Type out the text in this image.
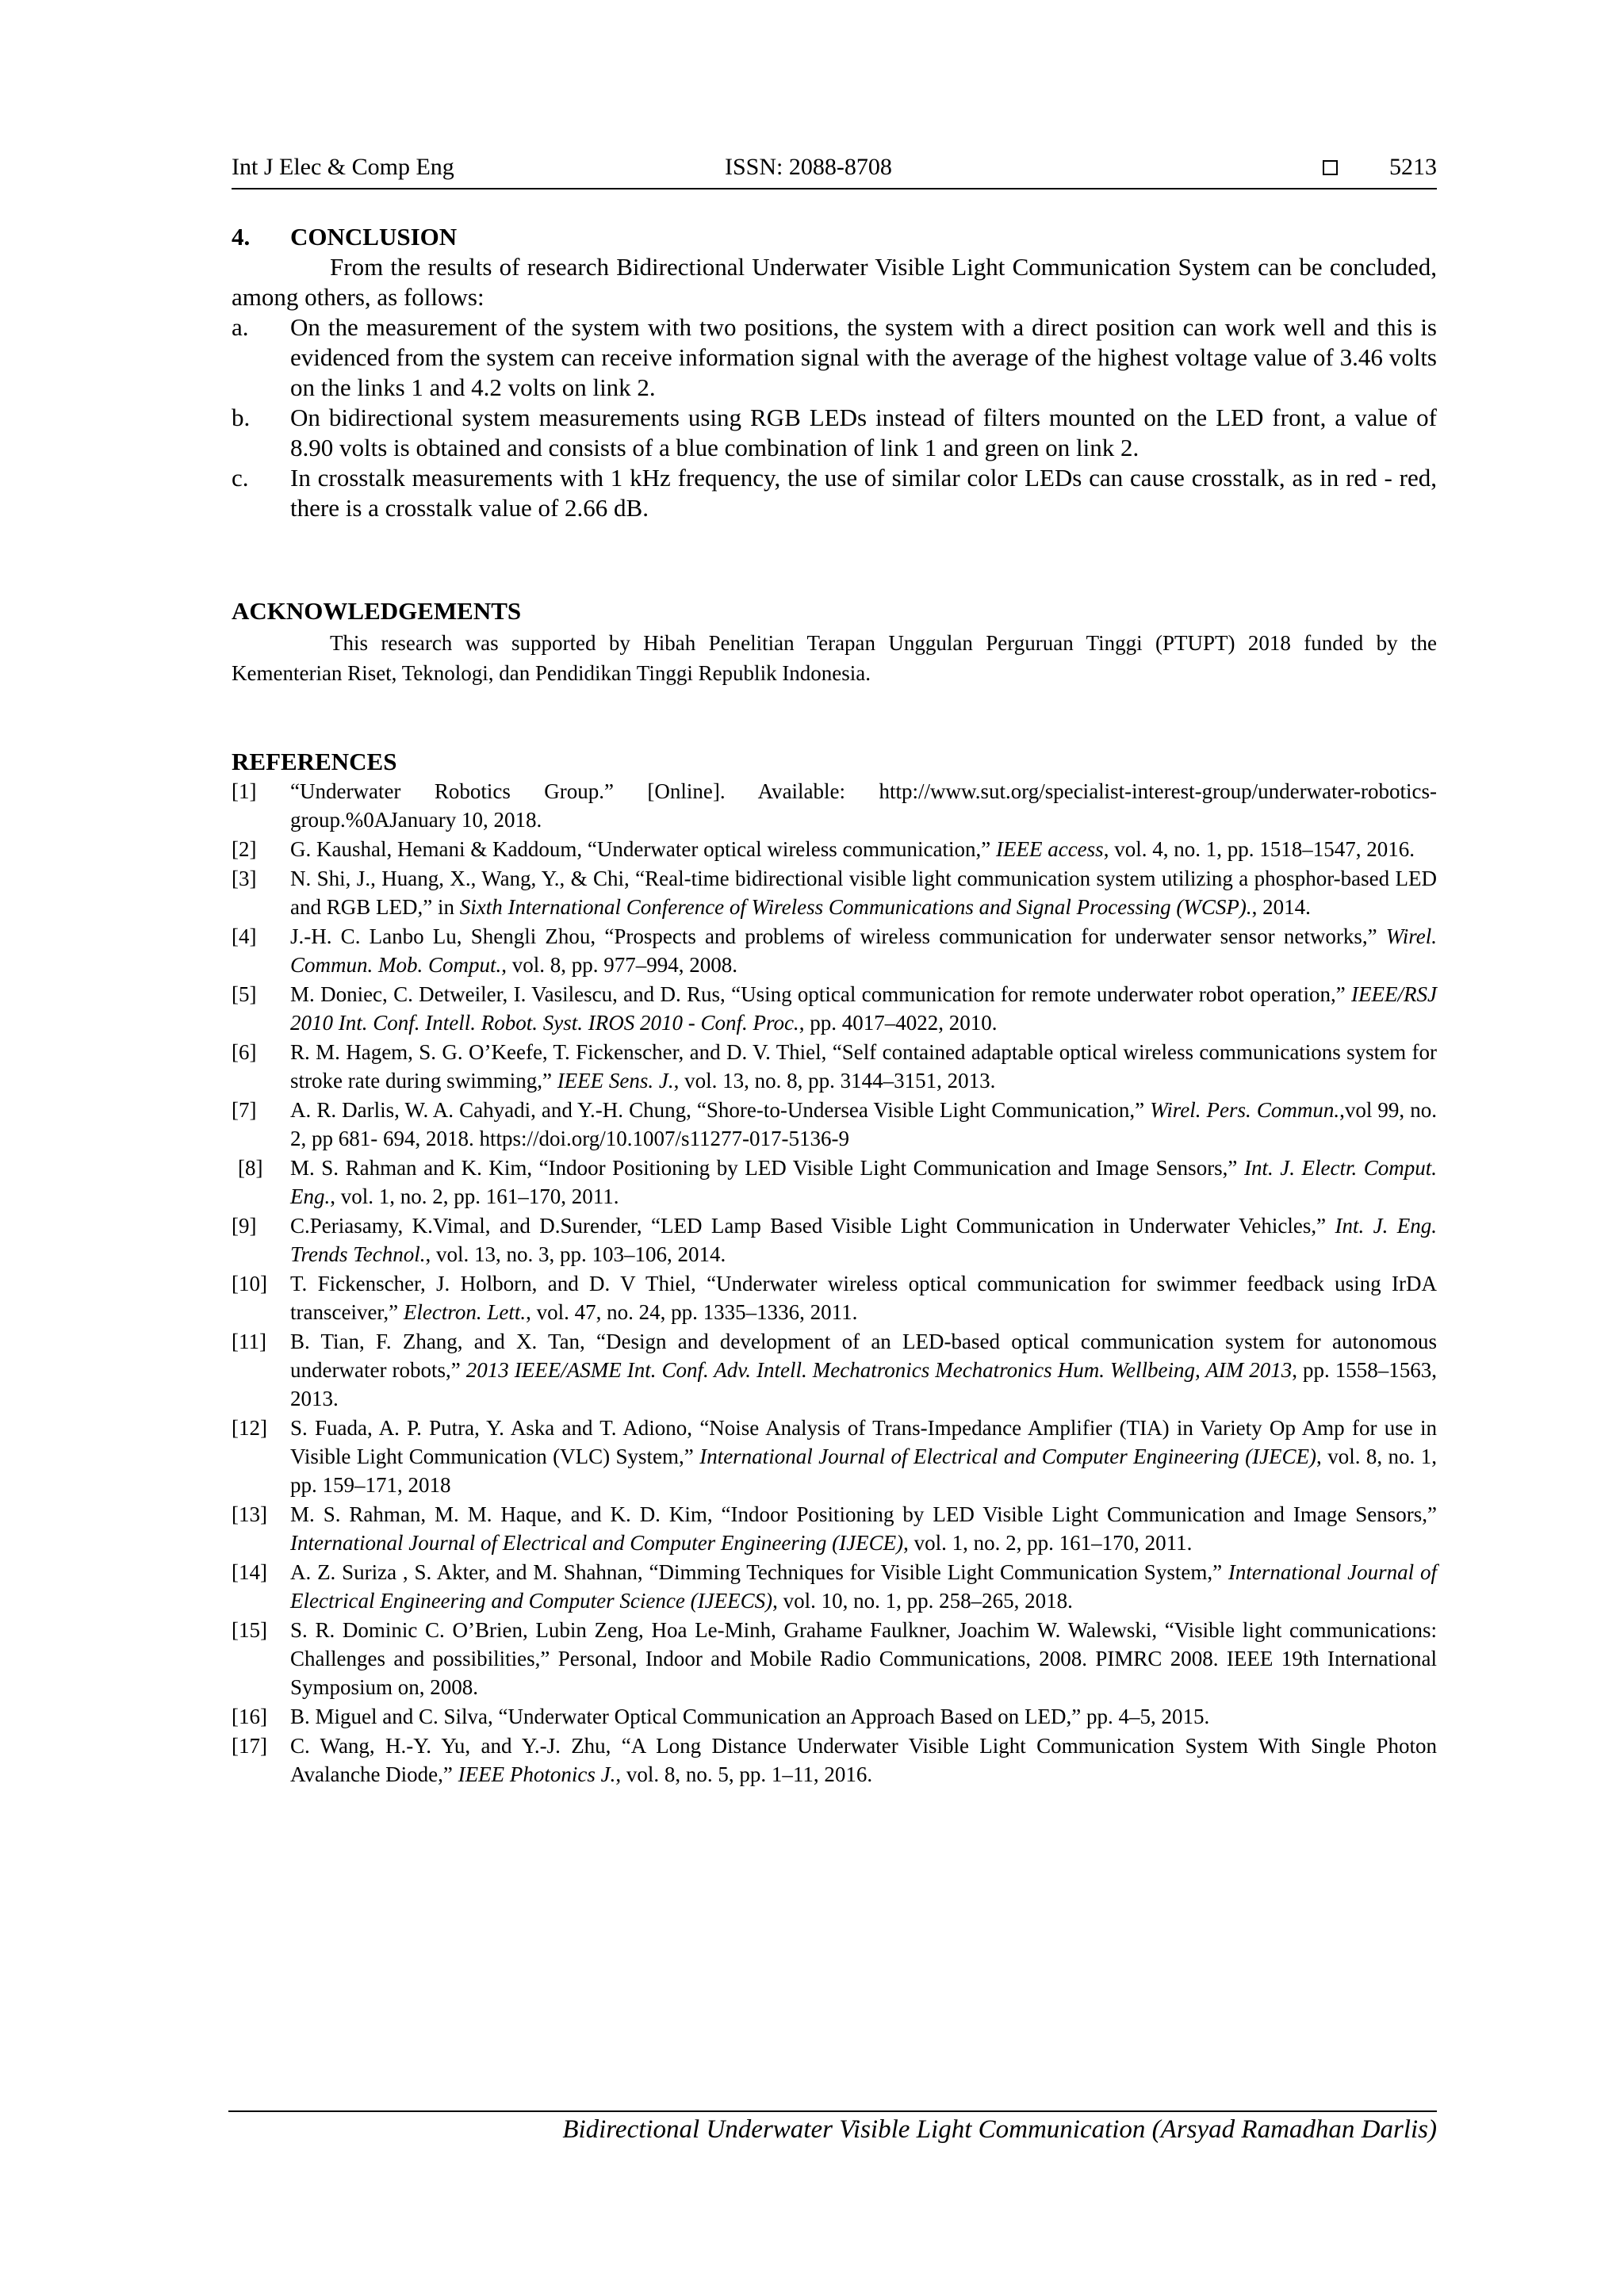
Int J Elec & Comp Eng	ISSN: 2088-8708	5213
4. CONCLUSION

From the results of research Bidirectional Underwater Visible Light Communication System can be concluded, among others, as follows:

a. On the measurement of the system with two positions, the system with a direct position can work well and this is evidenced from the system can receive information signal with the average of the highest voltage value of 3.46 volts on the links 1 and 4.2 volts on link 2.

b. On bidirectional system measurements using RGB LEDs instead of filters mounted on the LED front, a value of 8.90 volts is obtained and consists of a blue combination of link 1 and green on link 2.

c. In crosstalk measurements with 1 kHz frequency, the use of similar color LEDs can cause crosstalk, as in red - red, there is a crosstalk value of 2.66 dB.

ACKNOWLEDGEMENTS

This research was supported by Hibah Penelitian Terapan Unggulan Perguruan Tinggi (PTUPT) 2018 funded by the Kementerian Riset, Teknologi, dan Pendidikan Tinggi Republik Indonesia.

REFERENCES

[1] “Underwater Robotics Group.” [Online]. Available: http://www.sut.org/specialist-interest-group/underwater-robotics-group.%0AJanuary 10, 2018.

[2] G. Kaushal, Hemani & Kaddoum, “Underwater optical wireless communication,” IEEE access, vol. 4, no. 1, pp. 1518–1547, 2016.

[3] N. Shi, J., Huang, X., Wang, Y., & Chi, “Real-time bidirectional visible light communication system utilizing a phosphor-based LED and RGB LED,” in Sixth International Conference of Wireless Communications and Signal Processing (WCSP)., 2014.

[4] J.-H. C. Lanbo Lu, Shengli Zhou, “Prospects and problems of wireless communication for underwater sensor networks,” Wirel. Commun. Mob. Comput., vol. 8, pp. 977–994, 2008.

[5] M. Doniec, C. Detweiler, I. Vasilescu, and D. Rus, “Using optical communication for remote underwater robot operation,” IEEE/RSJ 2010 Int. Conf. Intell. Robot. Syst. IROS 2010 - Conf. Proc., pp. 4017–4022, 2010.

[6] R. M. Hagem, S. G. O’Keefe, T. Fickenscher, and D. V. Thiel, “Self contained adaptable optical wireless communications system for stroke rate during swimming,” IEEE Sens. J., vol. 13, no. 8, pp. 3144–3151, 2013.

[7] A. R. Darlis, W. A. Cahyadi, and Y.-H. Chung, “Shore-to-Undersea Visible Light Communication,” Wirel. Pers. Commun.,vol 99, no. 2, pp 681- 694, 2018. https://doi.org/10.1007/s11277-017-5136-9

[8] M. S. Rahman and K. Kim, “Indoor Positioning by LED Visible Light Communication and Image Sensors,” Int. J. Electr. Comput. Eng., vol. 1, no. 2, pp. 161–170, 2011.

[9] C.Periasamy, K.Vimal, and D.Surender, “LED Lamp Based Visible Light Communication in Underwater Vehicles,” Int. J. Eng. Trends Technol., vol. 13, no. 3, pp. 103–106, 2014.

[10] T. Fickenscher, J. Holborn, and D. V Thiel, “Underwater wireless optical communication for swimmer feedback using IrDA transceiver,” Electron. Lett., vol. 47, no. 24, pp. 1335–1336, 2011.

[11] B. Tian, F. Zhang, and X. Tan, “Design and development of an LED-based optical communication system for autonomous underwater robots,” 2013 IEEE/ASME Int. Conf. Adv. Intell. Mechatronics Mechatronics Hum. Wellbeing, AIM 2013, pp. 1558–1563, 2013.

[12] S. Fuada, A. P. Putra, Y. Aska and T. Adiono, “Noise Analysis of Trans-Impedance Amplifier (TIA) in Variety Op Amp for use in Visible Light Communication (VLC) System,” International Journal of Electrical and Computer Engineering (IJECE), vol. 8, no. 1, pp. 159–171, 2018

[13] M. S. Rahman, M. M. Haque, and K. D. Kim, “Indoor Positioning by LED Visible Light Communication and Image Sensors,” International Journal of Electrical and Computer Engineering (IJECE), vol. 1, no. 2, pp. 161–170, 2011.

[14] A. Z. Suriza , S. Akter, and M. Shahnan, “Dimming Techniques for Visible Light Communication System,” International Journal of Electrical Engineering and Computer Science (IJEECS), vol. 10, no. 1, pp. 258–265, 2018.

[15] S. R. Dominic C. O’Brien, Lubin Zeng, Hoa Le-Minh, Grahame Faulkner, Joachim W. Walewski, “Visible light communications: Challenges and possibilities,” Personal, Indoor and Mobile Radio Communications, 2008. PIMRC 2008. IEEE 19th International Symposium on, 2008.

[16] B. Miguel and C. Silva, “Underwater Optical Communication an Approach Based on LED,” pp. 4–5, 2015.

[17] C. Wang, H.-Y. Yu, and Y.-J. Zhu, “A Long Distance Underwater Visible Light Communication System With Single Photon Avalanche Diode,” IEEE Photonics J., vol. 8, no. 5, pp. 1–11, 2016.

Bidirectional Underwater Visible Light Communication (Arsyad Ramadhan Darlis)
